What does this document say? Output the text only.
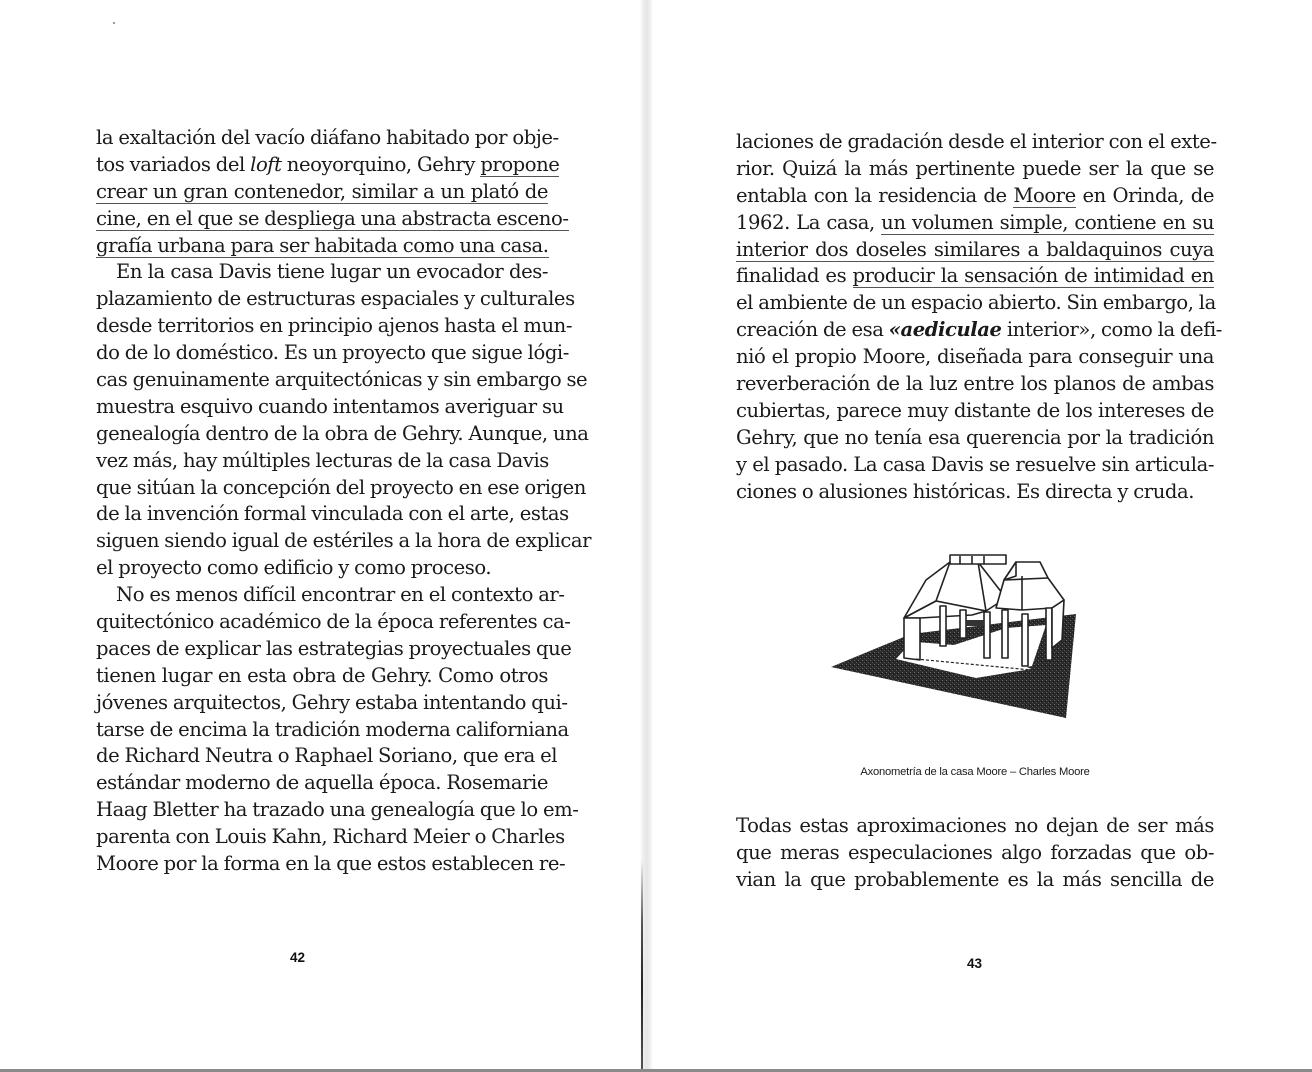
la exaltación del vacío diáfano habitado por obje-
tos variados del loft neoyorquino, Gehry propone
crear un gran contenedor, similar a un plató de
cine, en el que se despliega una abstracta esceno-
grafía urbana para ser habitada como una casa.
En la casa Davis tiene lugar un evocador des-
plazamiento de estructuras espaciales y culturales
desde territorios en principio ajenos hasta el mun-
do de lo doméstico. Es un proyecto que sigue lógi-
cas genuinamente arquitectónicas y sin embargo se
muestra esquivo cuando intentamos averiguar su
genealogía dentro de la obra de Gehry. Aunque, una
vez más, hay múltiples lecturas de la casa Davis
que sitúan la concepción del proyecto en ese origen
de la invención formal vinculada con el arte, estas
siguen siendo igual de estériles a la hora de explicar
el proyecto como edificio y como proceso.
No es menos difícil encontrar en el contexto ar-
quitectónico académico de la época referentes ca-
paces de explicar las estrategias proyectuales que
tienen lugar en esta obra de Gehry. Como otros
jóvenes arquitectos, Gehry estaba intentando qui-
tarse de encima la tradición moderna californiana
de Richard Neutra o Raphael Soriano, que era el
estándar moderno de aquella época. Rosemarie
Haag Bletter ha trazado una genealogía que lo em-
parenta con Louis Kahn, Richard Meier o Charles
Moore por la forma en la que estos establecen re-
42
laciones de gradación desde el interior con el exte-
rior. Quizá la más pertinente puede ser la que se
entabla con la residencia de Moore en Orinda, de
1962. La casa, un volumen simple, contiene en su
interior dos doseles similares a baldaquinos cuya
finalidad es producir la sensación de intimidad en
el ambiente de un espacio abierto. Sin embargo, la
creación de esa «aediculae interior», como la defi-
nió el propio Moore, diseñada para conseguir una
reverberación de la luz entre los planos de ambas
cubiertas, parece muy distante de los intereses de
Gehry, que no tenía esa querencia por la tradición
y el pasado. La casa Davis se resuelve sin articula-
ciones o alusiones históricas. Es directa y cruda.
Axonometría de la casa Moore – Charles Moore
Todas estas aproximaciones no dejan de ser más
que meras especulaciones algo forzadas que ob-
vian la que probablemente es la más sencilla de
43
